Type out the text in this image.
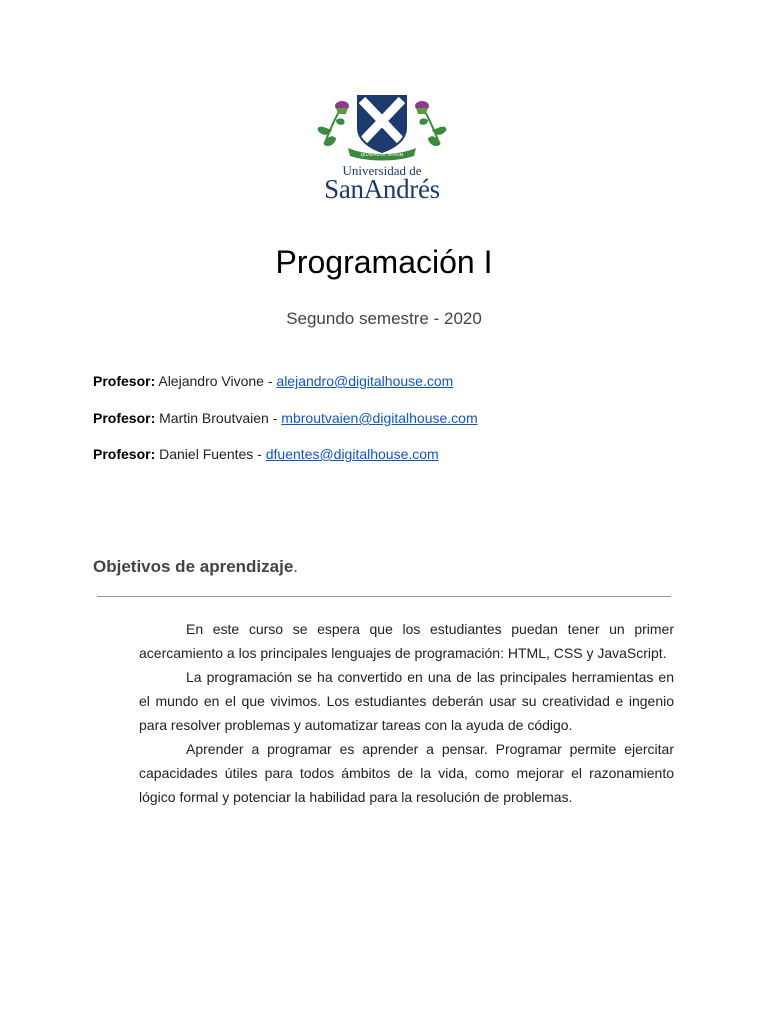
QUAERERE VERUM
Universidad de
SanAndrés
Programación I
Segundo semestre - 2020
Profesor: Alejandro Vivone - alejandro@digitalhouse.com
Profesor: Martin Broutvaien - mbroutvaien@digitalhouse.com
Profesor: Daniel Fuentes - dfuentes@digitalhouse.com
Objetivos de aprendizaje.

En este curso se espera que los estudiantes puedan tener un primer acercamiento a los principales lenguajes de programación: HTML, CSS y JavaScript.

La programación se ha convertido en una de las principales herramientas en el mundo en el que vivimos. Los estudiantes deberán usar su creatividad e ingenio para resolver problemas y automatizar tareas con la ayuda de código.

Aprender a programar es aprender a pensar. Programar permite ejercitar capacidades útiles para todos ámbitos de la vida, como mejorar el razonamiento lógico formal y potenciar la habilidad para la resolución de problemas.
